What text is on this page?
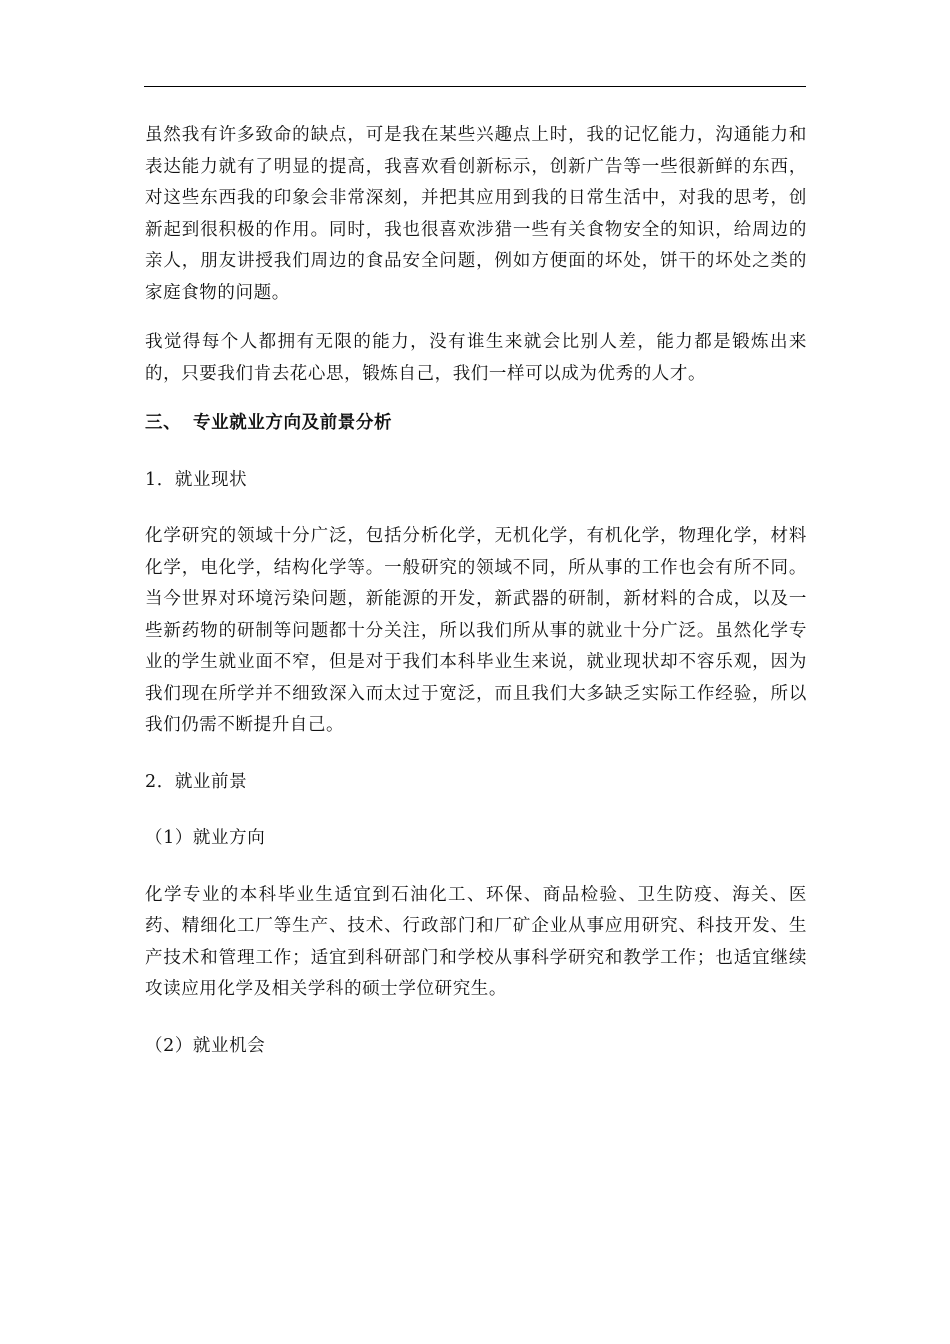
虽然我有许多致命的缺点，可是我在某些兴趣点上时，我的记忆能力，沟通能力和表达能力就有了明显的提高，我喜欢看创新标示，创新广告等一些很新鲜的东西，对这些东西我的印象会非常深刻，并把其应用到我的日常生活中，对我的思考，创新起到很积极的作用。同时，我也很喜欢涉猎一些有关食物安全的知识，给周边的亲人，朋友讲授我们周边的食品安全问题，例如方便面的坏处，饼干的坏处之类的家庭食物的问题。

我觉得每个人都拥有无限的能力，没有谁生来就会比别人差，能力都是锻炼出来的，只要我们肯去花心思，锻炼自己，我们一样可以成为优秀的人才。

三、 专业就业方向及前景分析

1．就业现状

化学研究的领域十分广泛，包括分析化学，无机化学，有机化学，物理化学，材料化学，电化学，结构化学等。一般研究的领域不同，所从事的工作也会有所不同。当今世界对环境污染问题，新能源的开发，新武器的研制，新材料的合成，以及一些新药物的研制等问题都十分关注，所以我们所从事的就业十分广泛。虽然化学专业的学生就业面不窄，但是对于我们本科毕业生来说，就业现状却不容乐观，因为我们现在所学并不细致深入而太过于宽泛，而且我们大多缺乏实际工作经验，所以我们仍需不断提升自己。

2．就业前景

（1）就业方向

化学专业的本科毕业生适宜到石油化工、环保、商品检验、卫生防疫、海关、医药、精细化工厂等生产、技术、行政部门和厂矿企业从事应用研究、科技开发、生产技术和管理工作；适宜到科研部门和学校从事科学研究和教学工作；也适宜继续攻读应用化学及相关学科的硕士学位研究生。

（2）就业机会
